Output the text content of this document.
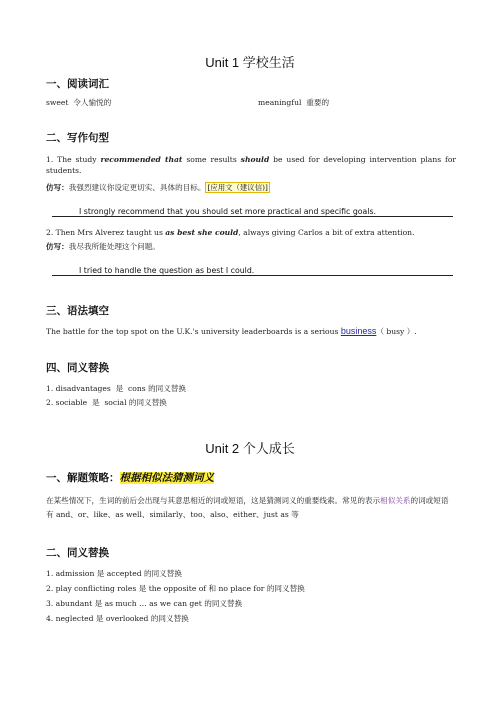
Unit 1 学校生活
一、阅读词汇
sweet 令人愉悦的	meaningful 重要的
二、写作句型
1. The study recommended that some results should be used for developing intervention plans for students.
仿写：我强烈建议你设定更切实、具体的目标。 [应用文（建议信)]
I strongly recommend that you should set more practical and specific goals.
2. Then Mrs Alverez taught us as best she could, always giving Carlos a bit of extra attention.
仿写：我尽我所能处理这个问题。
I tried to handle the question as best I could.
三、语法填空
The battle for the top spot on the U.K.'s university leaderboards is a serious business（ busy ）.
四、同义替换
1. disadvantages 是 cons 的同义替换
2. sociable 是 social 的同义替换
Unit 2 个人成长
一、解题策略：根据相似法猜测词义
在某些情况下，生词的前后会出现与其意思相近的词或短语，这是猜测词义的重要线索。常见的表示相似关系的词或短语有 and、or、like、as well、similarly、too、also、either、just as 等
二、同义替换
1. admission 是 accepted 的同义替换
2. play conflicting roles 是 the opposite of 和 no place for 的同义替换
3. abundant 是 as much … as we can get 的同义替换
4. neglected 是 overlooked 的同义替换
